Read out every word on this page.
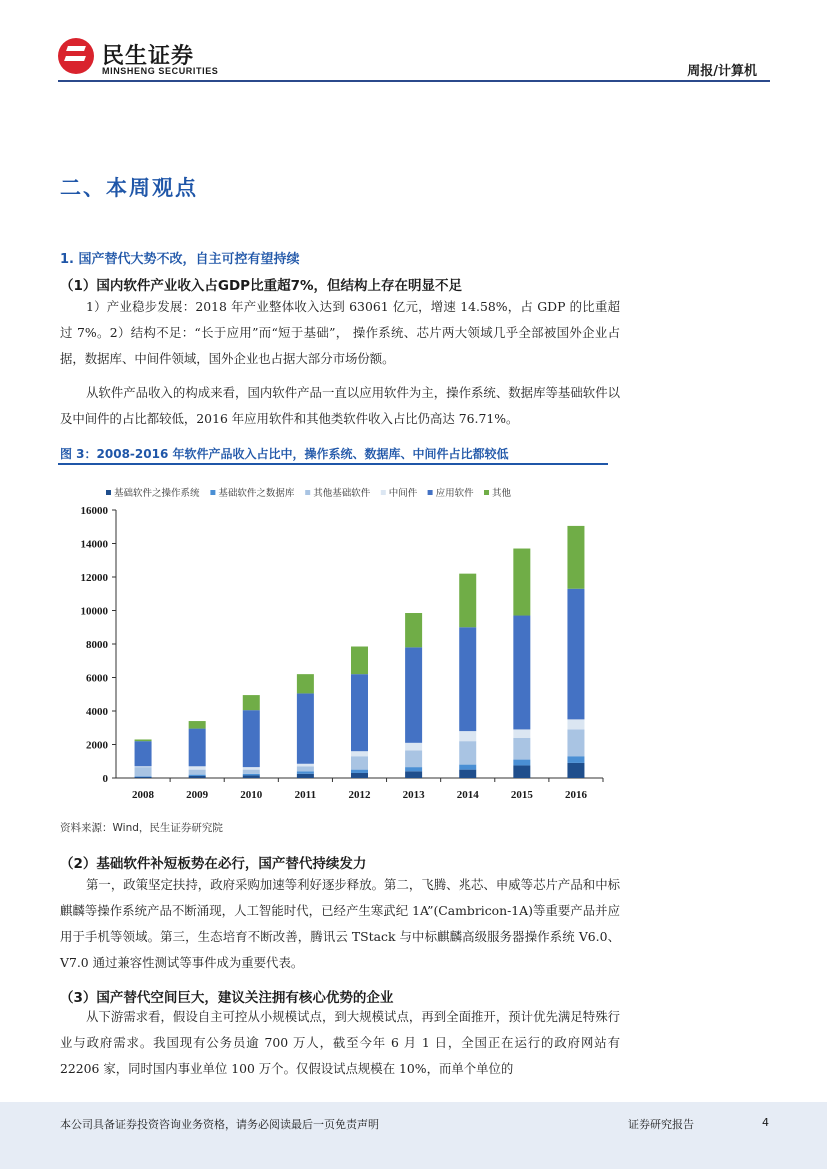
民生证券
MINSHENG SECURITIES	周报/计算机
二、本周观点
1. 国产替代大势不改，自主可控有望持续
（1）国内软件产业收入占GDP比重超7%，但结构上存在明显不足
1）产业稳步发展：2018 年产业整体收入达到 63061 亿元，增速 14.58%，占 GDP 的比重超过 7%。2）结构不足：“长于应用”而“短于基础”， 操作系统、芯片两大领域几乎全部被国外企业占据，数据库、中间件领域，国外企业也占据大部分市场份额。
从软件产品收入的构成来看，国内软件产品一直以应用软件为主，操作系统、数据库等基础软件以及中间件的占比都较低，2016 年应用软件和其他类软件收入占比仍高达 76.71%。
图 3：2008-2016 年软件产品收入占比中，操作系统、数据库、中间件占比都较低
基础软件之操作系统 基础软件之数据库 其他基础软件 中间件 应用软件 其他
0
2000
4000
6000
8000
10000
12000
14000
16000
2008	2009	2010	2011	2012	2013	2014	2015	2016
资料来源：Wind，民生证券研究院
（2）基础软件补短板势在必行，国产替代持续发力
第一，政策坚定扶持，政府采购加速等利好逐步释放。第二，飞腾、兆芯、申威等芯片产品和中标麒麟等操作系统产品不断涌现，人工智能时代，已经产生寒武纪 1A”(Cambricon-1A)等重要产品并应用于手机等领域。第三，生态培育不断改善，腾讯云 TStack 与中标麒麟高级服务器操作系统 V6.0、V7.0 通过兼容性测试等事件成为重要代表。
（3）国产替代空间巨大，建议关注拥有核心优势的企业
从下游需求看，假设自主可控从小规模试点，到大规模试点，再到全面推开，预计优先满足特殊行业与政府需求。我国现有公务员逾 700 万人，截至今年 6 月 1 日，全国正在运行的政府网站有 22206 家，同时国内事业单位 100 万个。仅假设试点规模在 10%，而单个单位的
本公司具备证券投资咨询业务资格，请务必阅读最后一页免责声明	证券研究报告	4
